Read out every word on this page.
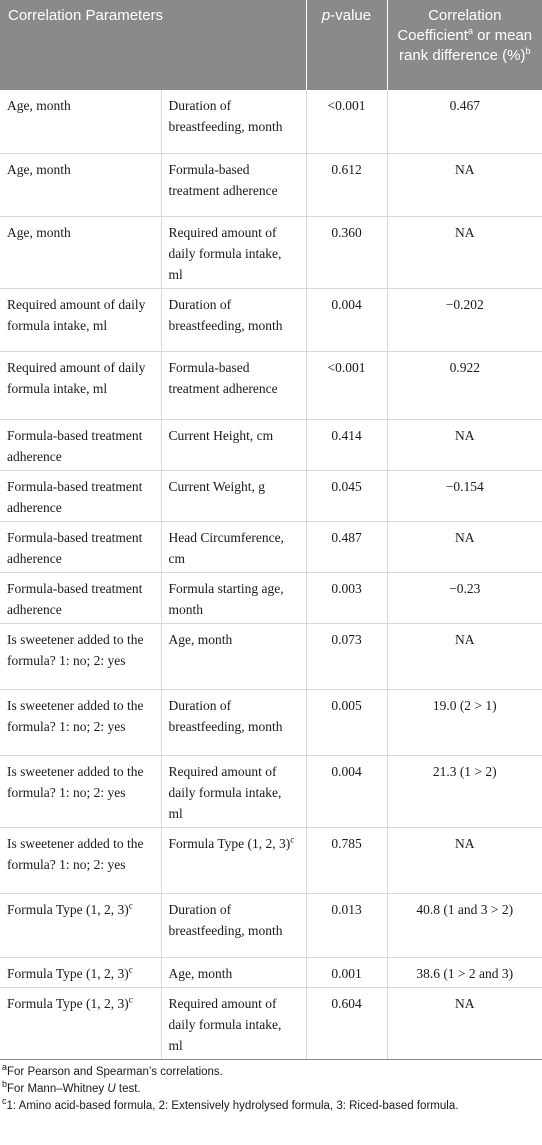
Correlation Parameters		p-value	Correlation Coefficient$^a$ or mean rank difference (%)$^b$
Age, month	Duration of breastfeeding, month	<0.001	0.467
Age, month	Formula-based treatment adherence	0.612	NA
Age, month	Required amount of daily formula intake, ml	0.360	NA
Required amount of daily formula intake, ml	Duration of breastfeeding, month	0.004	−0.202
Required amount of daily formula intake, ml	Formula-based treatment adherence	<0.001	0.922
Formula-based treatment adherence	Current Height, cm	0.414	NA
Formula-based treatment adherence	Current Weight, g	0.045	−0.154
Formula-based treatment adherence	Head Circumference, cm	0.487	NA
Formula-based treatment adherence	Formula starting age, month	0.003	−0.23
Is sweetener added to the formula? 1: no; 2: yes	Age, month	0.073	NA
Is sweetener added to the formula? 1: no; 2: yes	Duration of breastfeeding, month	0.005	19.0 (2 > 1)
Is sweetener added to the formula? 1: no; 2: yes	Required amount of daily formula intake, ml	0.004	21.3 (1 > 2)
Is sweetener added to the formula? 1: no; 2: yes	Formula Type (1, 2, 3)$^c$	0.785	NA
Formula Type (1, 2, 3)$^c$	Duration of breastfeeding, month	0.013	40.8 (1 and 3 > 2)
Formula Type (1, 2, 3)$^c$	Age, month	0.001	38.6 (1 > 2 and 3)
Formula Type (1, 2, 3)$^c$	Required amount of daily formula intake, ml	0.604	NA

$^a$For Pearson and Spearman’s correlations.

$^b$For Mann–Whitney U test.

$^c$1: Amino acid-based formula, 2: Extensively hydrolysed formula, 3: Riced-based formula.
